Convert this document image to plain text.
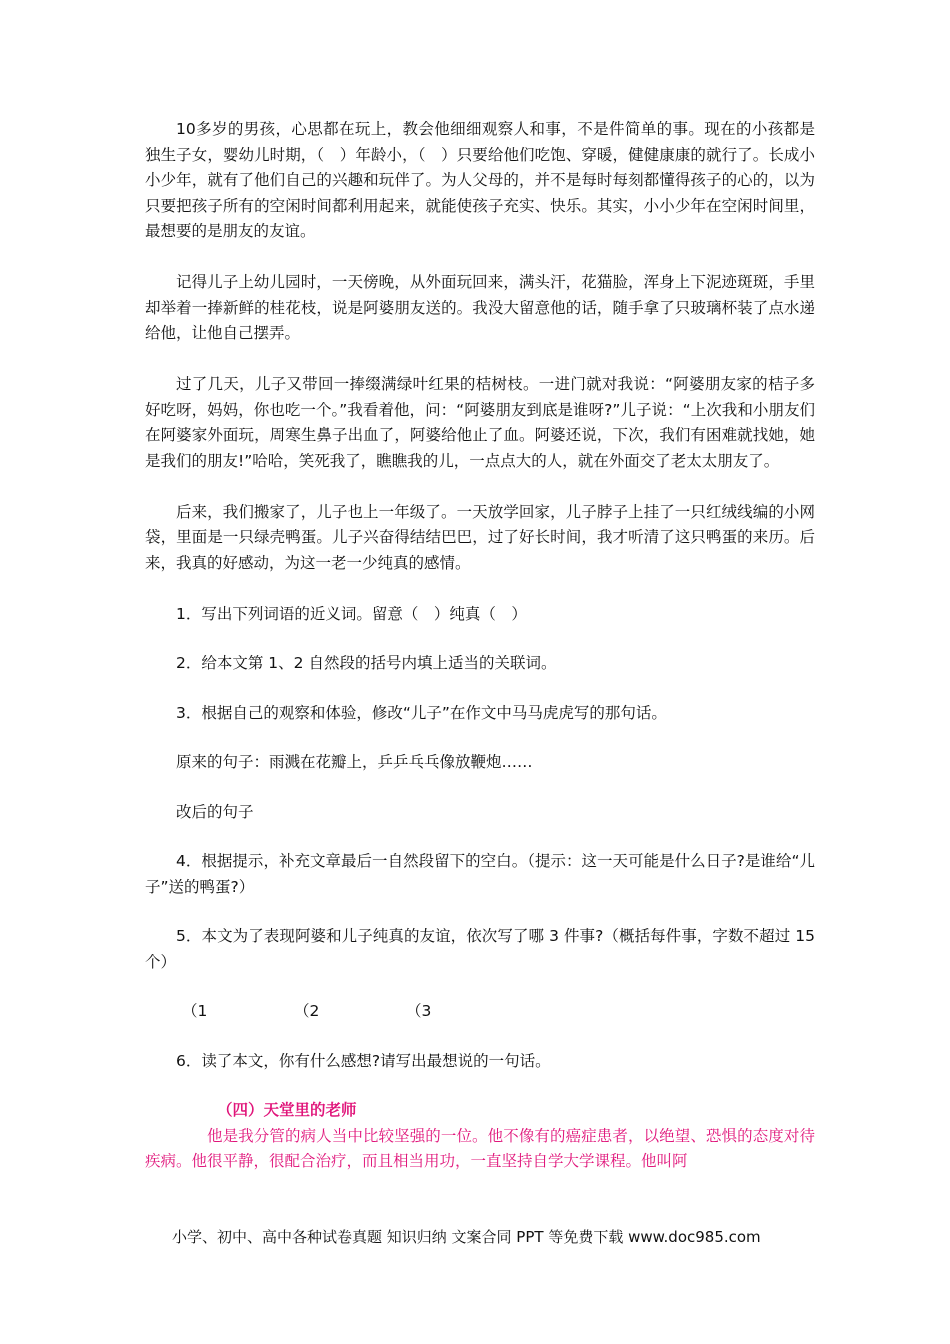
10多岁的男孩，心思都在玩上，教会他细细观察人和事，不是件简单的事。现在的小孩都是独生子女，婴幼儿时期，（　）年龄小，（　）只要给他们吃饱、穿暖，健健康康的就行了。长成小小少年，就有了他们自己的兴趣和玩伴了。为人父母的，并不是每时每刻都懂得孩子的心的，以为只要把孩子所有的空闲时间都利用起来，就能使孩子充实、快乐。其实，小小少年在空闲时间里，最想要的是朋友的友谊。

记得儿子上幼儿园时，一天傍晚，从外面玩回来，满头汗，花猫脸，浑身上下泥迹斑斑，手里却举着一捧新鲜的桂花枝，说是阿婆朋友送的。我没大留意他的话，随手拿了只玻璃杯装了点水递给他，让他自己摆弄。

过了几天，儿子又带回一捧缀满绿叶红果的桔树枝。一进门就对我说：“阿婆朋友家的桔子多好吃呀，妈妈，你也吃一个。”我看着他，问：“阿婆朋友到底是谁呀?”儿子说：“上次我和小朋友们在阿婆家外面玩，周寒生鼻子出血了，阿婆给他止了血。阿婆还说，下次，我们有困难就找她，她是我们的朋友!”哈哈，笑死我了，瞧瞧我的儿，一点点大的人，就在外面交了老太太朋友了。

后来，我们搬家了，儿子也上一年级了。一天放学回家，儿子脖子上挂了一只红绒线编的小网袋，里面是一只绿壳鸭蛋。儿子兴奋得结结巴巴，过了好长时间，我才听清了这只鸭蛋的来历。后来，我真的好感动，为这一老一少纯真的感情。

1．写出下列词语的近义词。留意（　）纯真（　）

2．给本文第 1、2 自然段的括号内填上适当的关联词。

3．根据自己的观察和体验，修改“儿子”在作文中马马虎虎写的那句话。

原来的句子：雨溅在花瓣上，乒乒乓乓像放鞭炮……

改后的句子

4．根据提示，补充文章最后一自然段留下的空白。（提示：这一天可能是什么日子?是谁给“儿子”送的鸭蛋?）

5．本文为了表现阿婆和儿子纯真的友谊，依次写了哪 3 件事?（概括每件事，字数不超过 15 个）

（1	（2	（3

6．读了本文，你有什么感想?请写出最想说的一句话。

（四）天堂里的老师

他是我分管的病人当中比较坚强的一位。他不像有的癌症患者，以绝望、恐惧的态度对待疾病。他很平静，很配合治疗，而且相当用功，一直坚持自学大学课程。他叫阿

小学、初中、高中各种试卷真题 知识归纳 文案合同 PPT 等免费下载 www.doc985.com
